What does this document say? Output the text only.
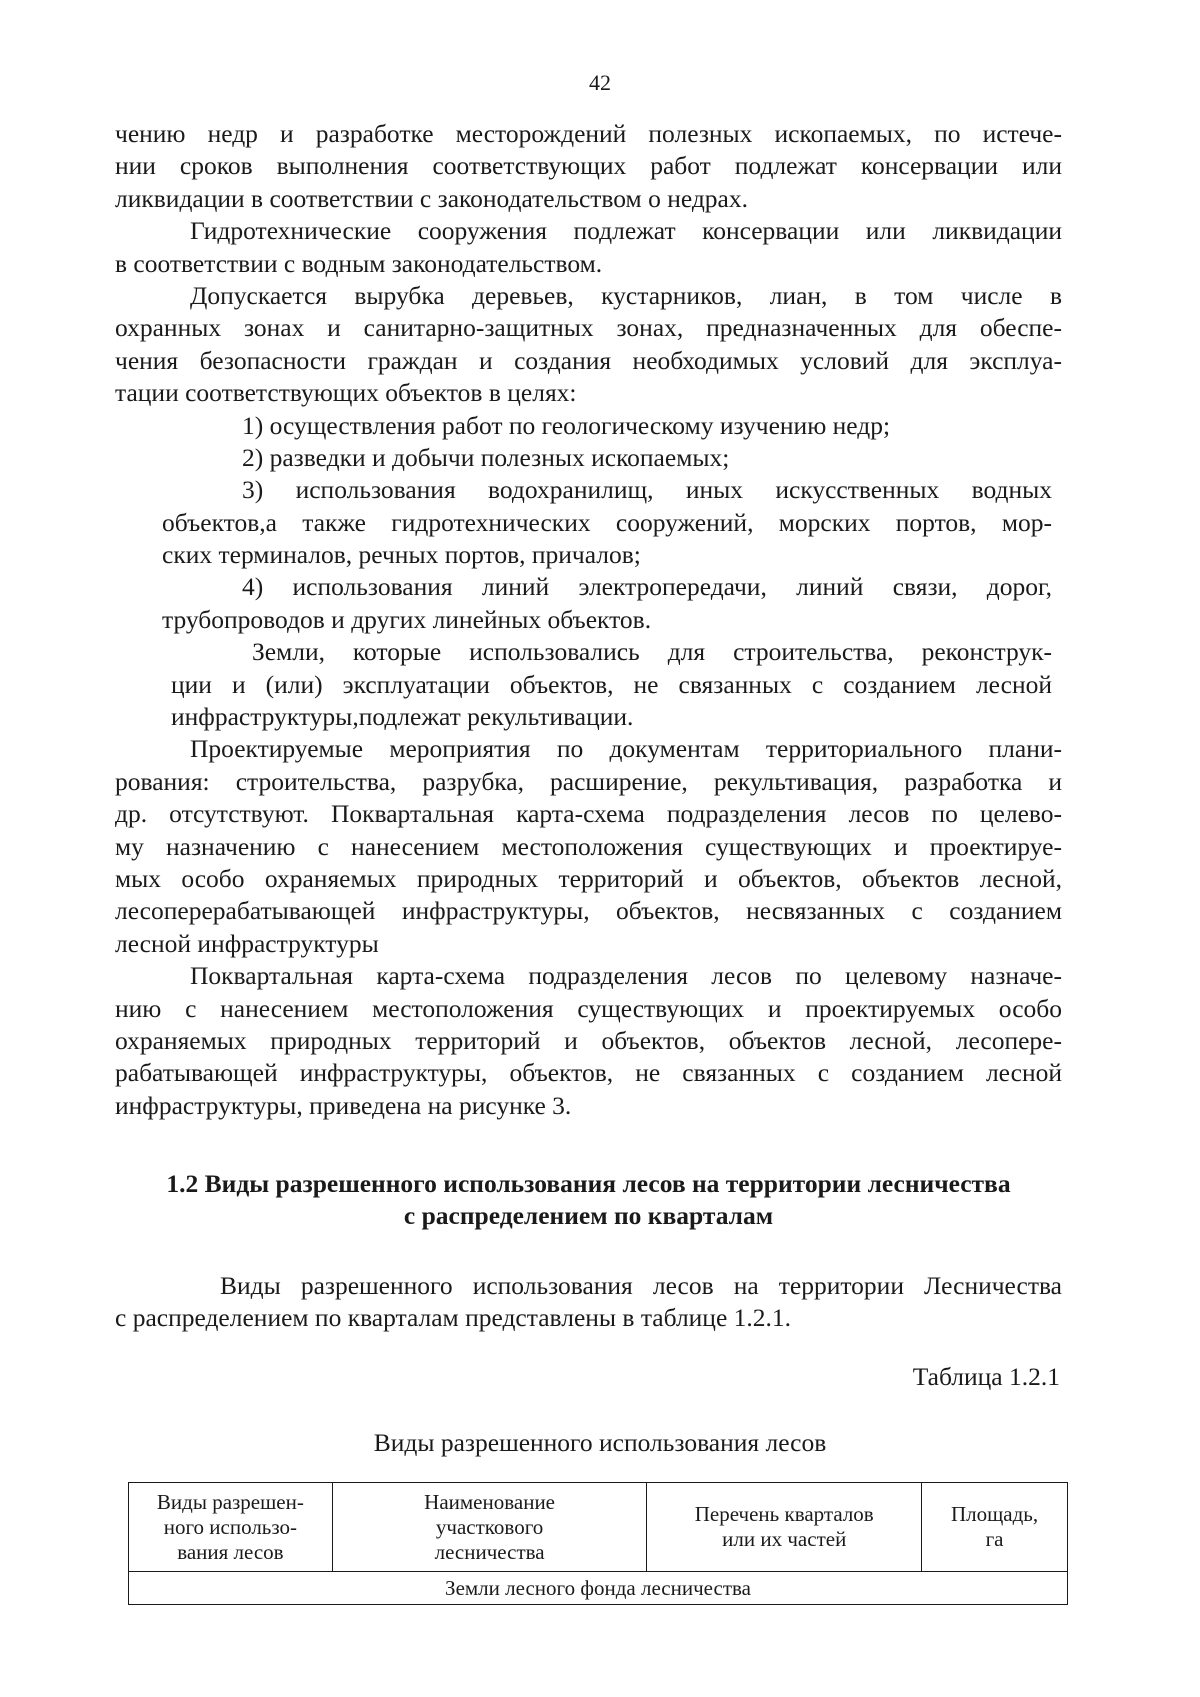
42
чению недр и разработке месторождений полезных ископаемых, по истече-
нии сроков выполнения соответствующих работ подлежат консервации или
ликвидации в соответствии с законодательством о недрах.
Гидротехнические сооружения подлежат консервации или ликвидации
в соответствии с водным законодательством.
Допускается вырубка деревьев, кустарников, лиан, в том числе в
охранных зонах и санитарно-защитных зонах, предназначенных для обеспе-
чения безопасности граждан и создания необходимых условий для эксплуа-
тации соответствующих объектов в целях:
1) осуществления работ по геологическому изучению недр;
2) разведки и добычи полезных ископаемых;
3) использования водохранилищ, иных искусственных водных
объектов,а также гидротехнических сооружений, морских портов, мор-
ских терминалов, речных портов, причалов;
4) использования линий электропередачи, линий связи, дорог,
трубопроводов и других линейных объектов.
Земли, которые использовались для строительства, реконструк-
ции и (или) эксплуатации объектов, не связанных с созданием лесной
инфраструктуры,подлежат рекультивации.
Проектируемые мероприятия по документам территориального плани-
рования: строительства, разрубка, расширение, рекультивация, разработка и
др. отсутствуют. Поквартальная карта-схема подразделения лесов по целево-
му назначению с нанесением местоположения существующих и проектируе-
мых особо охраняемых природных территорий и объектов, объектов лесной,
лесоперерабатывающей инфраструктуры, объектов, несвязанных с созданием
лесной инфраструктуры
Поквартальная карта-схема подразделения лесов по целевому назначе-
нию с нанесением местоположения существующих и проектируемых особо
охраняемых природных территорий и объектов, объектов лесной, лесопере-
рабатывающей инфраструктуры, объектов, не связанных с созданием лесной
инфраструктуры, приведена на рисунке 3.
1.2 Виды разрешенного использования лесов на территории лесничества
с распределением по кварталам
Виды разрешенного использования лесов на территории Лесничества
с распределением по кварталам представлены в таблице 1.2.1.
Таблица 1.2.1
Виды разрешенного использования лесов
Виды разрешен-
ного использо-
вания лесов

Наименование
участкового
лесничества

Перечень кварталов
или их частей

Площадь,
га

Земли лесного фонда лесничества
